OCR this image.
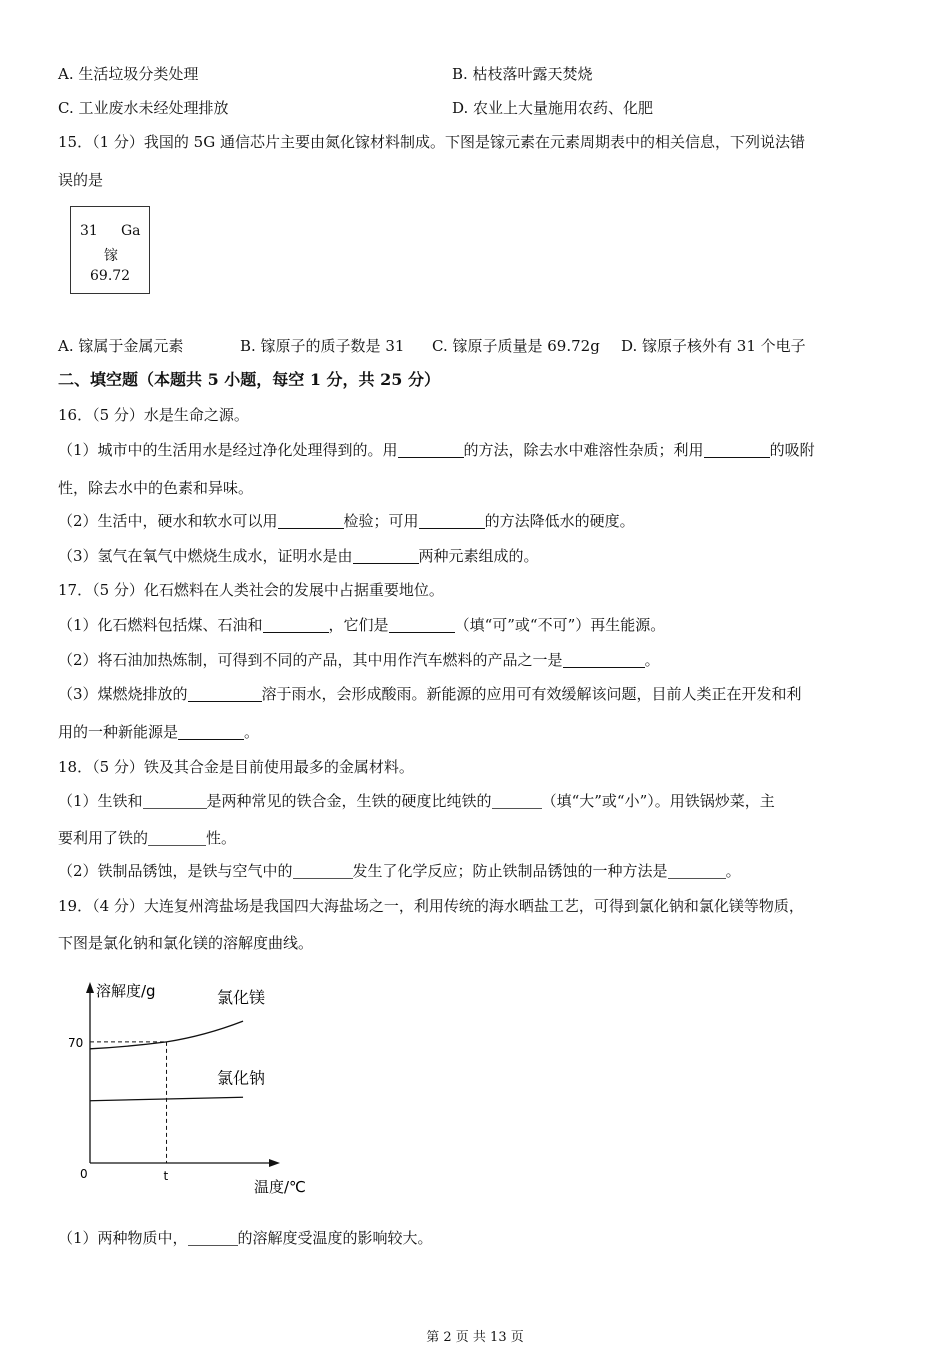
A. 生活垃圾分类处理	B. 枯枝落叶露天焚烧
C. 工业废水未经处理排放	D. 农业上大量施用农药、化肥
15．（1 分）我国的 5G 通信芯片主要由氮化镓材料制成。下图是镓元素在元素周期表中的相关信息，下列说法错
误的是
31 Ga
镓
69.72
A. 镓属于金属元素	B. 镓原子的质子数是 31 C. 镓原子质量是 69.72g D. 镓原子核外有 31 个电子
二、填空题（本题共 5 小题，每空 1 分，共 25 分）
16．（5 分）水是生命之源。
（1）城市中的生活用水是经过净化处理得到的。用	的方法，除去水中难溶性杂质；利用	的吸附
性，除去水中的色素和异味。
（2）生活中，硬水和软水可以用	检验；可用	的方法降低水的硬度。
（3）氢气在氧气中燃烧生成水，证明水是由	两种元素组成的。
17．（5 分）化石燃料在人类社会的发展中占据重要地位。
（1）化石燃料包括煤、石油和	，它们是	（填“可”或“不可”）再生能源。
（2）将石油加热炼制，可得到不同的产品，其中用作汽车燃料的产品之一是	。
（3）煤燃烧排放的	溶于雨水，会形成酸雨。新能源的应用可有效缓解该问题，目前人类正在开发和利
用的一种新能源是	。
18．（5 分）铁及其合金是目前使用最多的金属材料。
（1）生铁和	是两种常见的铁合金，生铁的硬度比纯铁的	（填“大”或“小”）。用铁锅炒菜，主
要利用了铁的	性。
（2）铁制品锈蚀，是铁与空气中的	发生了化学反应；防止铁制品锈蚀的一种方法是	。
19．（4 分）大连复州湾盐场是我国四大海盐场之一，利用传统的海水晒盐工艺，可得到氯化钠和氯化镁等物质，
下图是氯化钠和氯化镁的溶解度曲线。
溶解度/g
温度/℃
0
70
t
氯化镁
氯化钠
（1）两种物质中，	的溶解度受温度的影响较大。
第 2 页 共 13 页
